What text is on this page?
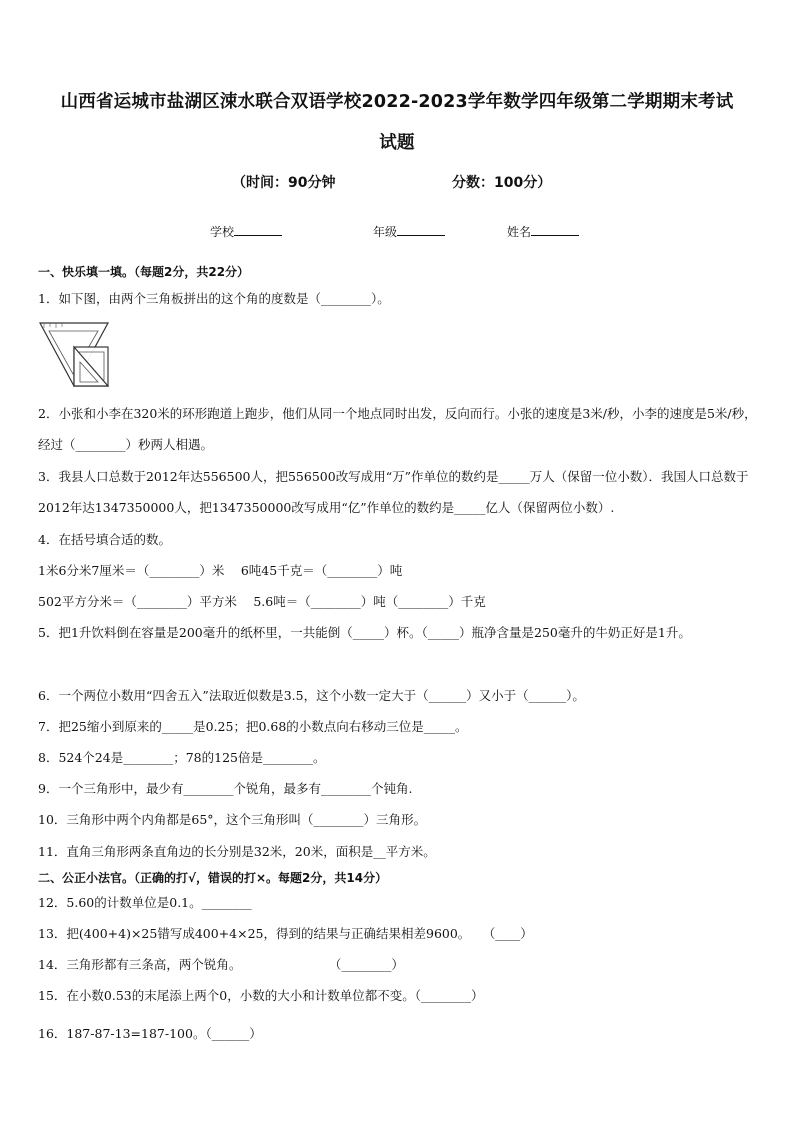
山西省运城市盐湖区涑水联合双语学校2022-2023学年数学四年级第二学期期末考试
试题
（时间：90分钟	分数：100分）
学校	年级	姓名
一、快乐填一填。（每题2分，共22分）
1．如下图，由两个三角板拼出的这个角的度数是（________）。
2．小张和小李在320米的环形跑道上跑步，他们从同一个地点同时出发，反向而行。小张的速度是3米/秒，小李的速度是5米/秒，经过（________）秒两人相遇。
3．我县人口总数于2012年达556500人，把556500改写成用“万”作单位的数约是_____万人（保留一位小数）．我国人口总数于2012年达1347350000人，把1347350000改写成用“亿”作单位的数约是_____亿人（保留两位小数）.
4．在括号填合适的数。
1米6分米7厘米＝（________）米　 6吨45千克＝（________）吨
502平方分米＝（________）平方米　 5.6吨＝（________）吨（________）千克
5．把1升饮料倒在容量是200毫升的纸杯里，一共能倒（_____）杯。（_____）瓶净含量是250毫升的牛奶正好是1升。
6．一个两位小数用“四舍五入”法取近似数是3.5，这个小数一定大于（______）又小于（______）。
7．把25缩小到原来的_____是0.25；把0.68的小数点向右移动三位是_____。
8．524个24是________；78的125倍是________。
9．一个三角形中，最少有________个锐角，最多有________个钝角.
10．三角形中两个内角都是65°，这个三角形叫（________）三角形。
11．直角三角形两条直角边的长分别是32米，20米，面积是__平方米。
二、公正小法官。（正确的打√，错误的打×。每题2分，共14分）
12．5.60的计数单位是0.1。________
13．把(400+4)×25错写成400+4×25，得到的结果与正确结果相差9600。　　（____）
14．三角形都有三条高，两个锐角。　　　　　　　　（________）
15．在小数0.53的末尾添上两个0，小数的大小和计数单位都不变。（________）
16．187-87-13=187-100。（______）
